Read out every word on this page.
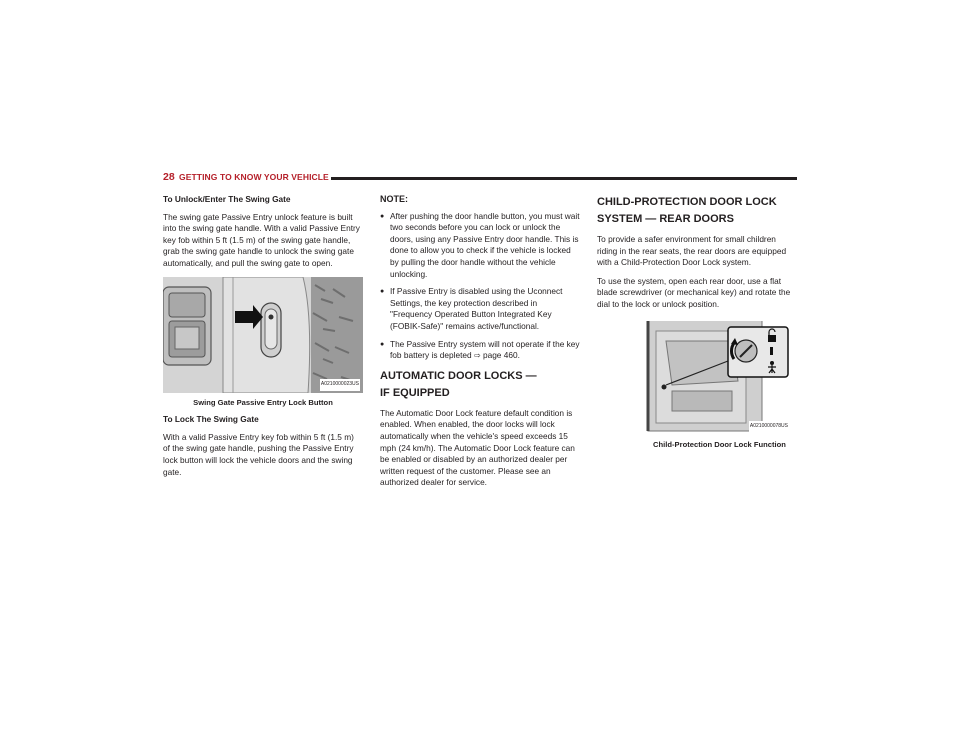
28 GETTING TO KNOW YOUR VEHICLE

To Unlock/Enter The Swing Gate

The swing gate Passive Entry unlock feature is built into the swing gate handle. With a valid Passive Entry key fob within 5 ft (1.5 m) of the swing gate handle, grab the swing gate handle to unlock the swing gate automatically, and pull the swing gate to open.

A0210000023US
Swing Gate Passive Entry Lock Button

To Lock The Swing Gate

With a valid Passive Entry key fob within 5 ft (1.5 m) of the swing gate handle, pushing the Passive Entry lock button will lock the vehicle doors and the swing gate.

NOTE:

● After pushing the door handle button, you must wait two seconds before you can lock or unlock the doors, using any Passive Entry door handle. This is done to allow you to check if the vehicle is locked by pulling the door handle without the vehicle unlocking.
● If Passive Entry is disabled using the Uconnect Settings, the key protection described in "Frequency Operated Button Integrated Key (FOBIK-Safe)" remains active/functional.
● The Passive Entry system will not operate if the key fob battery is depleted ⇨ page 460.
AUTOMATIC DOOR LOCKS —
IF EQUIPPED

The Automatic Door Lock feature default condition is enabled. When enabled, the door locks will lock automatically when the vehicle's speed exceeds 15 mph (24 km/h). The Automatic Door Lock feature can be enabled or disabled by an authorized dealer per written request of the customer. Please see an authorized dealer for service.

CHILD-PROTECTION DOOR LOCK
SYSTEM — REAR DOORS

To provide a safer environment for small children riding in the rear seats, the rear doors are equipped with a Child-Protection Door Lock system.

To use the system, open each rear door, use a flat blade screwdriver (or mechanical key) and rotate the dial to the lock or unlock position.

A0210000078US
Child-Protection Door Lock Function
